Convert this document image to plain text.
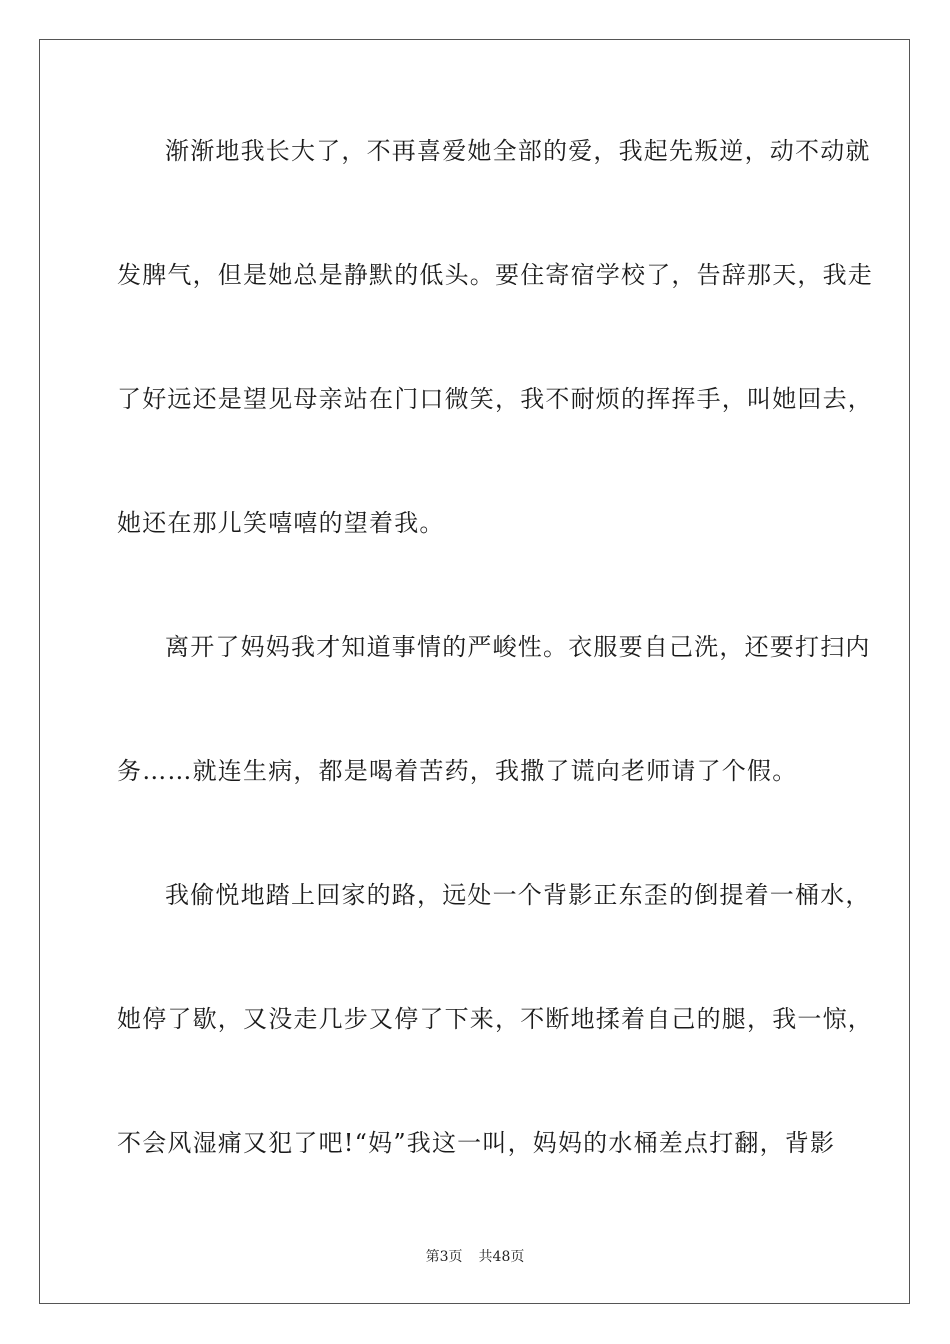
渐渐地我长大了，不再喜爱她全部的爱，我起先叛逆，动不动就
发脾气，但是她总是静默的低头。要住寄宿学校了，告辞那天，我走
了好远还是望见母亲站在门口微笑，我不耐烦的挥挥手，叫她回去，
她还在那儿笑嘻嘻的望着我。
离开了妈妈我才知道事情的严峻性。衣服要自己洗，还要打扫内
务……就连生病，都是喝着苦药，我撒了谎向老师请了个假。
我偷悦地踏上回家的路，远处一个背影正东歪的倒提着一桶水，
她停了歇，又没走几步又停了下来，不断地揉着自己的腿，我一惊，
不会风湿痛又犯了吧!“妈”我这一叫，妈妈的水桶差点打翻，背影
第3页 共48页
